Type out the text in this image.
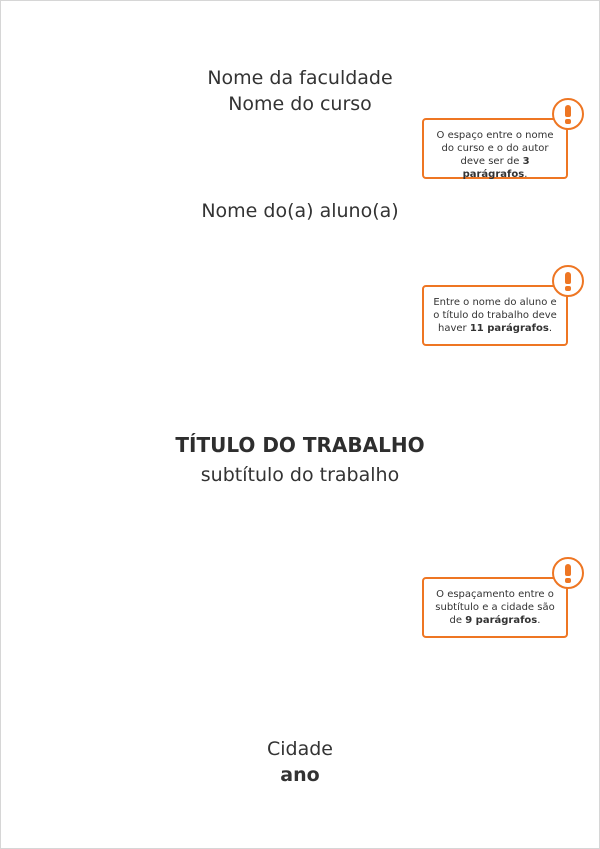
Nome da faculdade
Nome do curso
Nome do(a) aluno(a)
TÍTULO DO TRABALHO
subtítulo do trabalho
Cidade
ano
O espaço entre o nome do curso e o do autor deve ser de 3 parágrafos.
Entre o nome do aluno e o título do trabalho deve haver 11 parágrafos.
O espaçamento entre o subtítulo e a cidade são de 9 parágrafos.
